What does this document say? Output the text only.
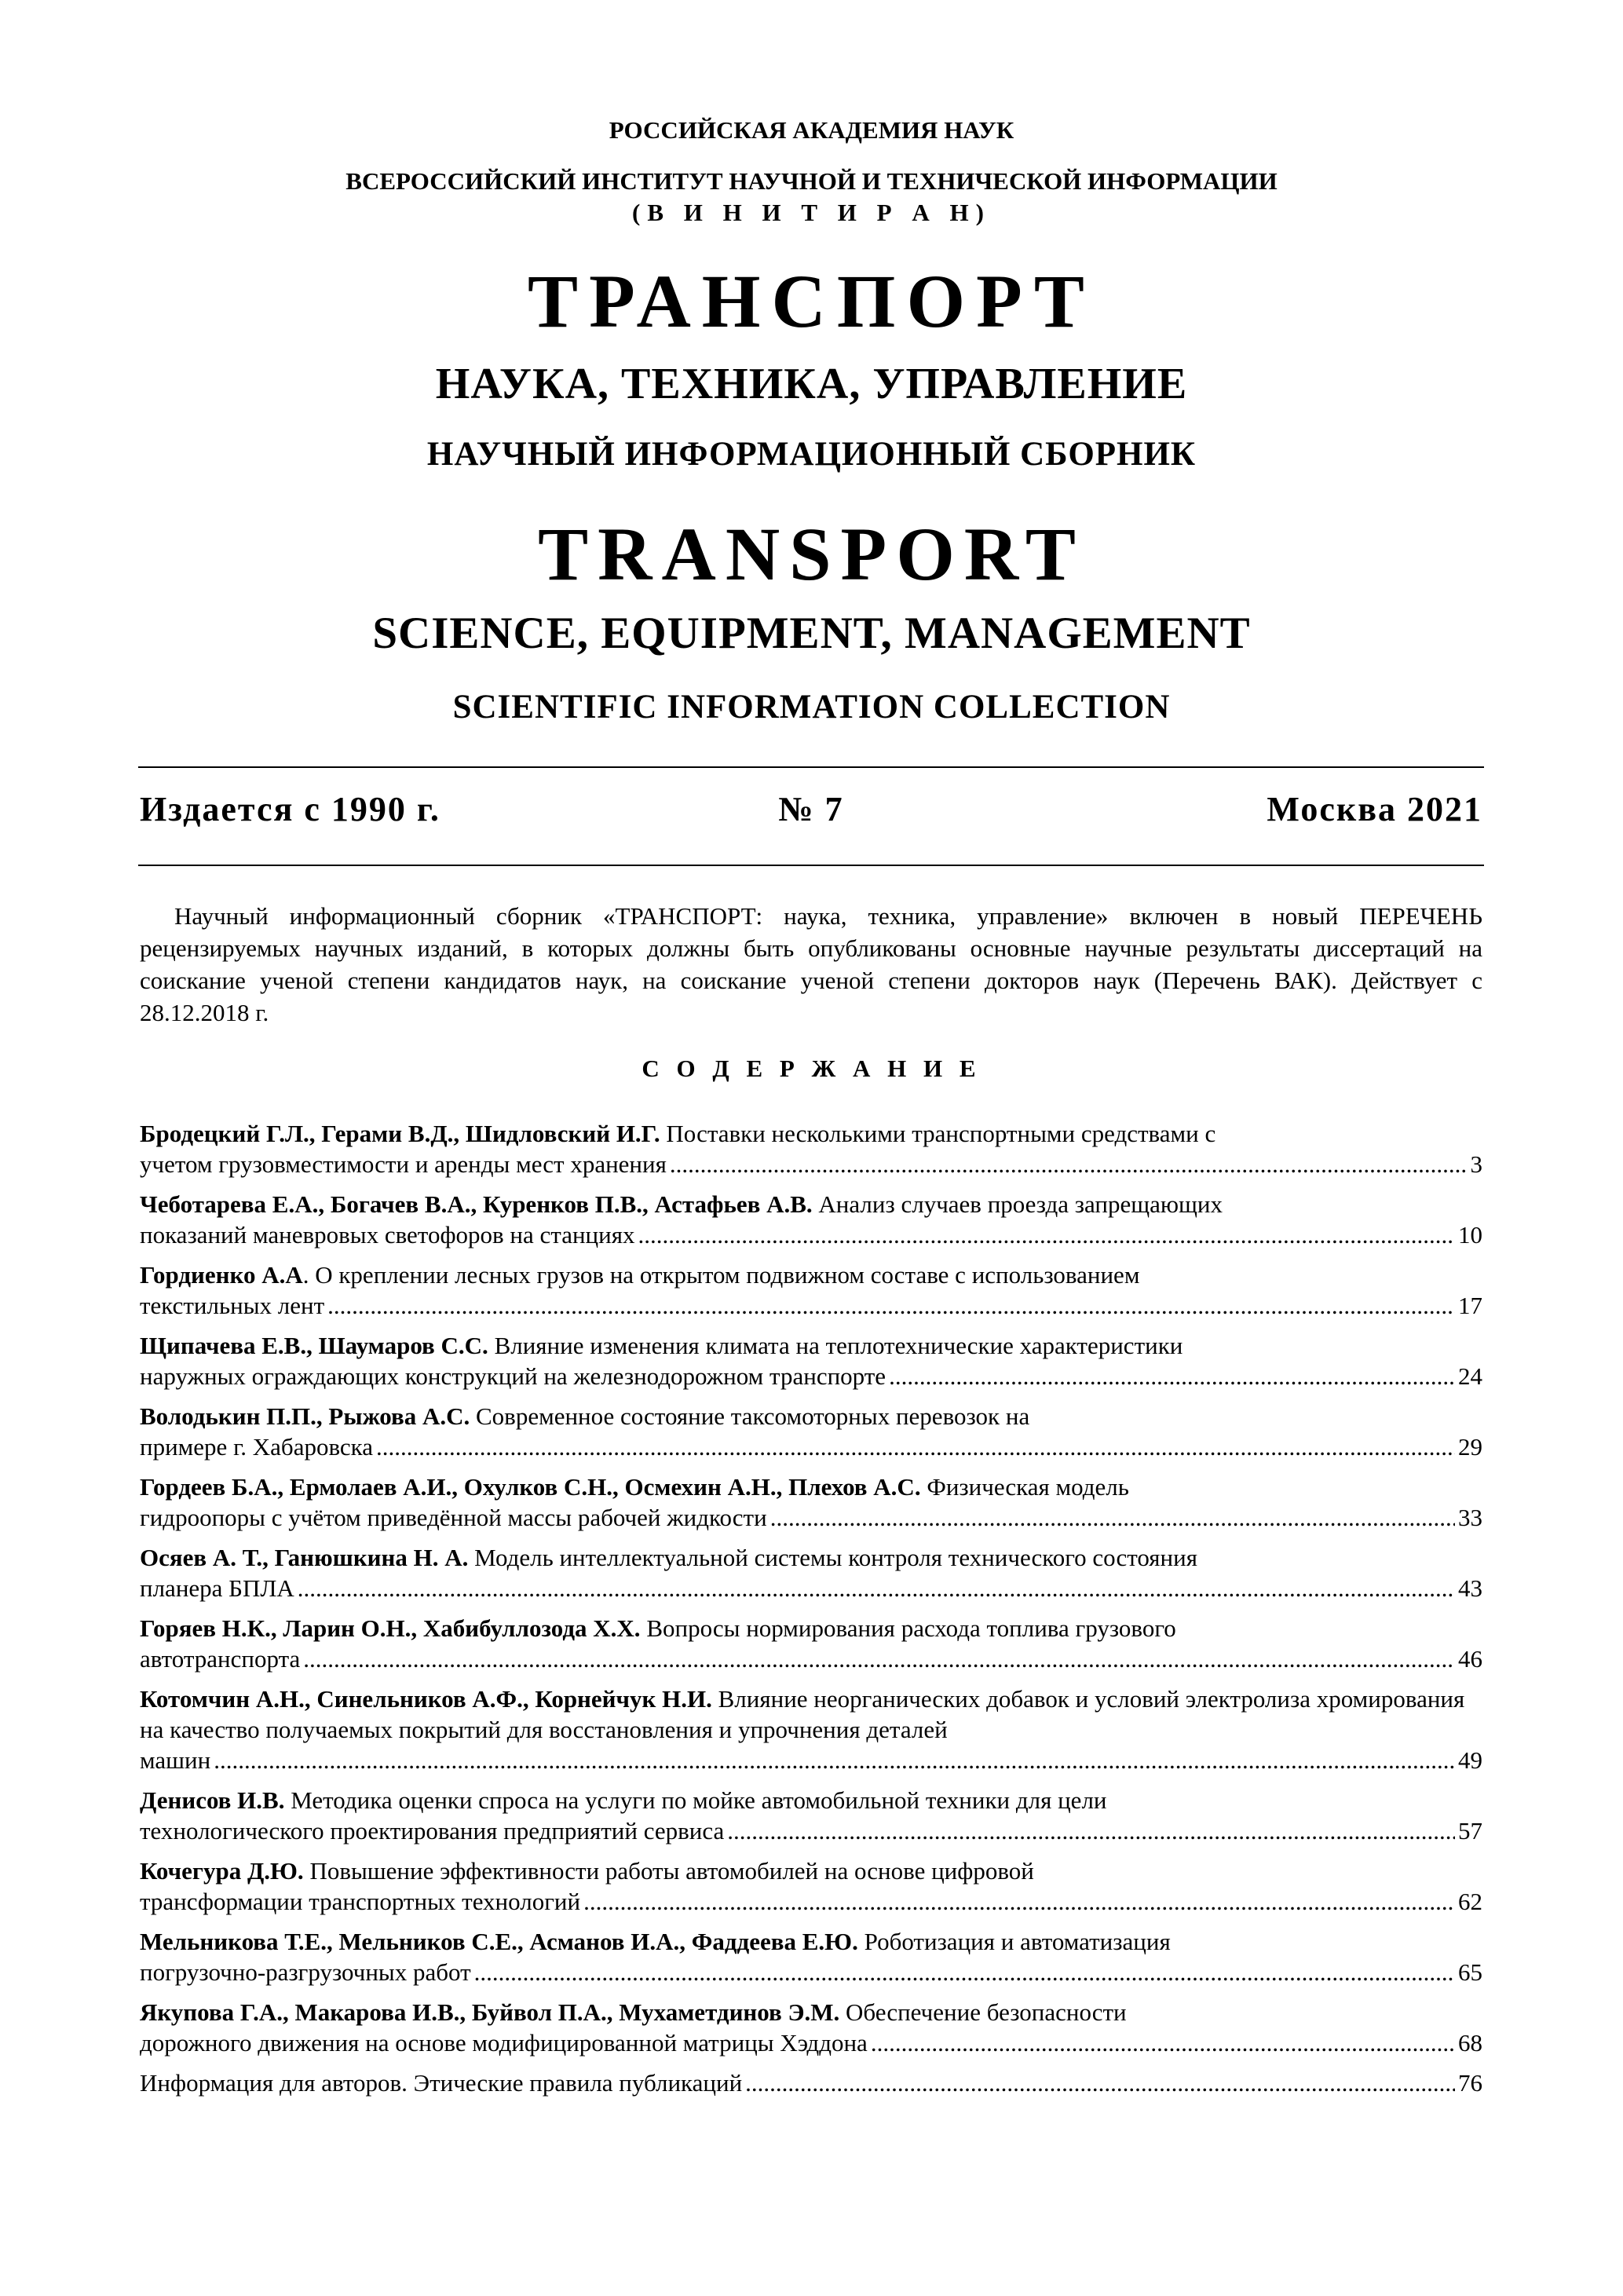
РОССИЙСКАЯ АКАДЕМИЯ НАУК
ВСЕРОССИЙСКИЙ ИНСТИТУТ НАУЧНОЙ И ТЕХНИЧЕСКОЙ ИНФОРМАЦИИ
(В И Н И Т И Р А Н)
ТРАНСПОРТ
НАУКА, ТЕХНИКА, УПРАВЛЕНИЕ
НАУЧНЫЙ ИНФОРМАЦИОННЫЙ СБОРНИК
TRANSPORT
SCIENCE, EQUIPMENT, MANAGEMENT
SCIENTIFIC INFORMATION COLLECTION
Издается с 1990 г.	№ 7	Москва 2021
Научный информационный сборник «ТРАНСПОРТ: наука, техника, управление» включен в новый ПЕРЕЧЕНЬ рецензируемых научных изданий, в которых должны быть опубликованы основные научные результаты диссертаций на соискание ученой степени кандидатов наук, на соискание ученой степени докторов наук (Перечень ВАК). Действует с 28.12.2018 г.
С О Д Е Р Ж А Н И Е
Бродецкий Г.Л., Герами В.Д., Шидловский И.Г. Поставки несколькими транспортными средствами с
учетом грузовместимости и аренды мест хранения .....	3
Чеботарева Е.А., Богачев В.А., Куренков П.В., Астафьев А.В. Анализ случаев проезда запрещающих
показаний маневровых светофоров на станциях .....	10
Гордиенко А.А. О креплении лесных грузов на открытом подвижном составе с использованием
текстильных лент .....	17
Щипачева Е.В., Шаумаров С.С. Влияние изменения климата на теплотехнические характеристики
наружных ограждающих конструкций на железнодорожном транспорте .....	24
Володькин П.П., Рыжова А.С. Современное состояние таксомоторных перевозок на
примере г. Хабаровска .....	29
Гордеев Б.А., Ермолаев А.И., Охулков С.Н., Осмехин А.Н., Плехов А.С. Физическая модель
гидроопоры с учётом приведённой массы рабочей жидкости .....	33
Осяев А. Т., Ганюшкина Н. А. Модель интеллектуальной системы контроля технического состояния
планера БПЛА .....	43
Горяев Н.К., Ларин О.Н., Хабибуллозода Х.Х. Вопросы нормирования расхода топлива грузового
автотранспорта .....	46
Котомчин А.Н., Синельников А.Ф., Корнейчук Н.И. Влияние неорганических добавок и условий электролиза хромирования на качество получаемых покрытий для восстановления и упрочнения деталей
машин .....	49
Денисов И.В. Методика оценки спроса на услуги по мойке автомобильной техники для цели
технологического проектирования предприятий сервиса .....	57
Кочегура Д.Ю. Повышение эффективности работы автомобилей на основе цифровой
трансформации транспортных технологий .....	62
Мельникова Т.Е., Мельников С.Е., Асманов И.А., Фаддеева Е.Ю. Роботизация и автоматизация
погрузочно-разгрузочных работ .....	65
Якупова Г.А., Макарова И.В., Буйвол П.А., Мухаметдинов Э.М. Обеспечение безопасности
дорожного движения на основе модифицированной матрицы Хэддона .....	68
Информация для авторов. Этические правила публикаций .....	76
